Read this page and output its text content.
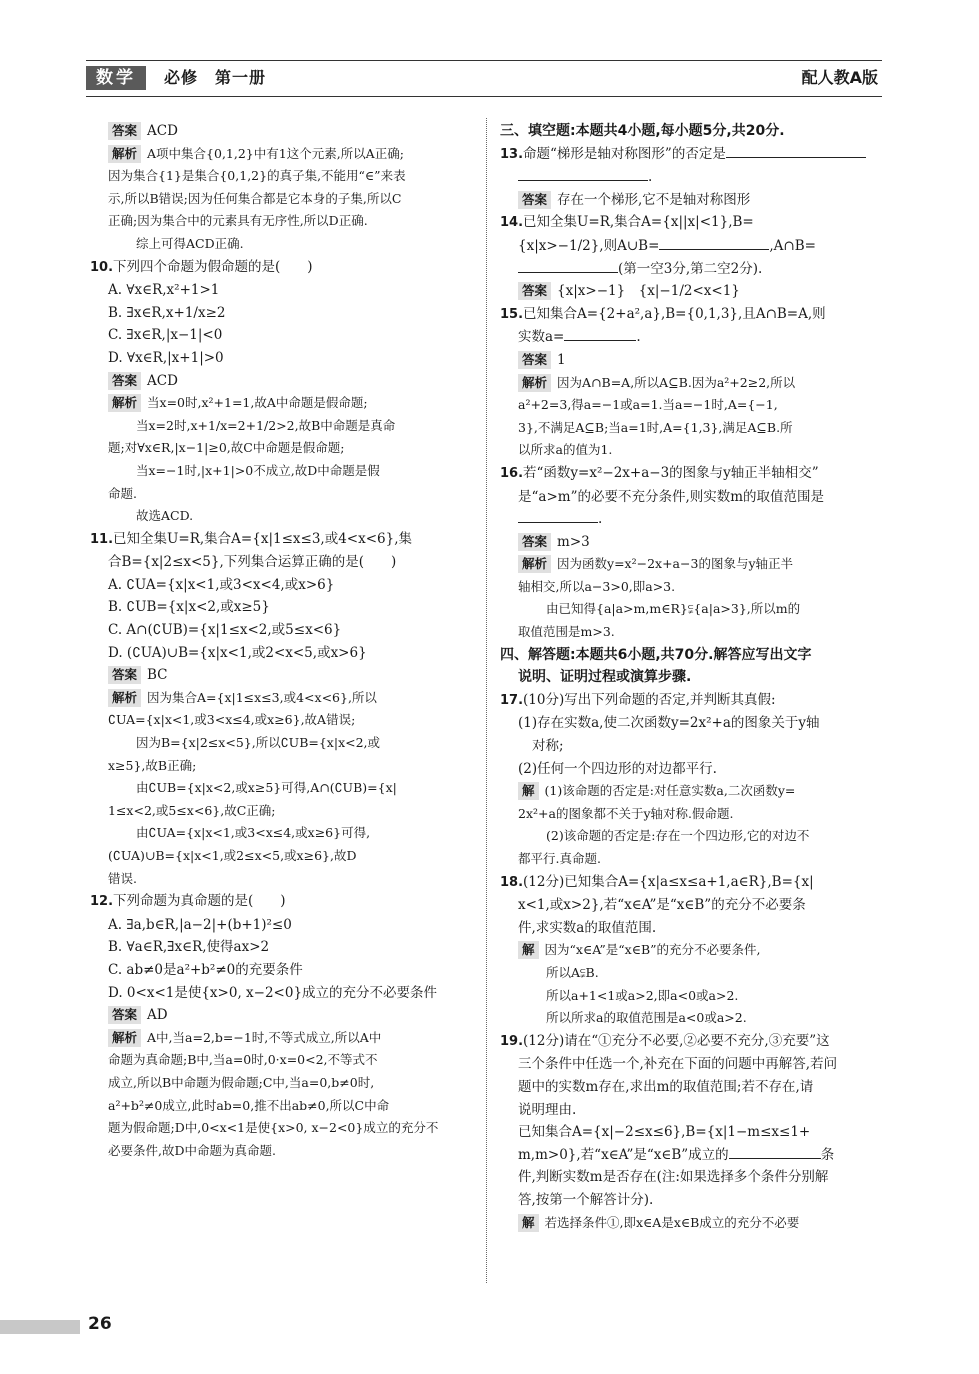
数学	必修　第一册	配人教A版
答案 ACD
解析 A项中集合{0,1,2}中有1这个元素,所以A正确;
因为集合{1}是集合{0,1,2}的真子集,不能用“∈”来表
示,所以B错误;因为任何集合都是它本身的子集,所以C
正确;因为集合中的元素具有无序性,所以D正确.
综上可得ACD正确.
10.下列四个命题为假命题的是(　　)
A. ∀x∈R,x²+1>1
B. ∃x∈R,x+1/x≥2
C. ∃x∈R,|x−1|<0
D. ∀x∈R,|x+1|>0
答案 ACD
解析 当x=0时,x²+1=1,故A中命题是假命题;
当x=2时,x+1/x=2+1/2>2,故B中命题是真命
题;对∀x∈R,|x−1|≥0,故C中命题是假命题;
当x=−1时,|x+1|>0不成立,故D中命题是假
命题.
故选ACD.
11.已知全集U=R,集合A={x|1≤x≤3,或4<x<6},集
合B={x|2≤x<5},下列集合运算正确的是(　　)
A. ∁UA={x|x<1,或3<x<4,或x>6}
B. ∁UB={x|x<2,或x≥5}
C. A∩(∁UB)={x|1≤x<2,或5≤x<6}
D. (∁UA)∪B={x|x<1,或2<x<5,或x>6}
答案 BC
解析 因为集合A={x|1≤x≤3,或4<x<6},所以
∁UA={x|x<1,或3<x≤4,或x≥6},故A错误;
因为B={x|2≤x<5},所以∁UB={x|x<2,或
x≥5},故B正确;
由∁UB={x|x<2,或x≥5}可得,A∩(∁UB)={x|
1≤x<2,或5≤x<6},故C正确;
由∁UA={x|x<1,或3<x≤4,或x≥6}可得,
(∁UA)∪B={x|x<1,或2≤x<5,或x≥6},故D
错误.
12.下列命题为真命题的是(　　)
A. ∃a,b∈R,|a−2|+(b+1)²≤0
B. ∀a∈R,∃x∈R,使得ax>2
C. ab≠0是a²+b²≠0的充要条件
D. 0<x<1是使{x>0, x−2<0}成立的充分不必要条件
答案 AD
解析 A中,当a=2,b=−1时,不等式成立,所以A中
命题为真命题;B中,当a=0时,0·x=0<2,不等式不
成立,所以B中命题为假命题;C中,当a=0,b≠0时,
a²+b²≠0成立,此时ab=0,推不出ab≠0,所以C中命
题为假命题;D中,0<x<1是使{x>0, x−2<0}成立的充分不
必要条件,故D中命题为真命题.
三、填空题:本题共4小题,每小题5分,共20分.
13.命题“梯形是轴对称图形”的否定是
.
答案 存在一个梯形,它不是轴对称图形
14.已知全集U=R,集合A={x||x|<1},B=
{x|x>−1/2},则A∪B=	,A∩B=
(第一空3分,第二空2分).
答案 {x|x>−1}　{x|−1/2<x<1}
15.已知集合A={2+a²,a},B={0,1,3},且A∩B=A,则
实数a=	.
答案 1
解析 因为A∩B=A,所以A⊆B.因为a²+2≥2,所以
a²+2=3,得a=−1或a=1.当a=−1时,A={−1,
3},不满足A⊆B;当a=1时,A={1,3},满足A⊆B.所
以所求a的值为1.
16.若“函数y=x²−2x+a−3的图象与y轴正半轴相交”
是“a>m”的必要不充分条件,则实数m的取值范围是
.
答案 m>3
解析 因为函数y=x²−2x+a−3的图象与y轴正半
轴相交,所以a−3>0,即a>3.
由已知得{a|a>m,m∈R}⫋{a|a>3},所以m的
取值范围是m>3.
四、解答题:本题共6小题,共70分.解答应写出文字
说明、证明过程或演算步骤.
17.(10分)写出下列命题的否定,并判断其真假:
(1)存在实数a,使二次函数y=2x²+a的图象关于y轴
对称;
(2)任何一个四边形的对边都平行.
解 (1)该命题的否定是:对任意实数a,二次函数y=
2x²+a的图象都不关于y轴对称.假命题.
(2)该命题的否定是:存在一个四边形,它的对边不
都平行.真命题.
18.(12分)已知集合A={x|a≤x≤a+1,a∈R},B={x|
x<1,或x>2},若“x∈A”是“x∈B”的充分不必要条
件,求实数a的取值范围.
解 因为“x∈A”是“x∈B”的充分不必要条件,
所以A⫋B.
所以a+1<1或a>2,即a<0或a>2.
所以所求a的取值范围是a<0或a>2.
19.(12分)请在“①充分不必要,②必要不充分,③充要”这
三个条件中任选一个,补充在下面的问题中再解答,若问
题中的实数m存在,求出m的取值范围;若不存在,请
说明理由.
已知集合A={x|−2≤x≤6},B={x|1−m≤x≤1+
m,m>0},若“x∈A”是“x∈B”成立的	条
件,判断实数m是否存在(注:如果选择多个条件分别解
答,按第一个解答计分).
解 若选择条件①,即x∈A是x∈B成立的充分不必要
26
